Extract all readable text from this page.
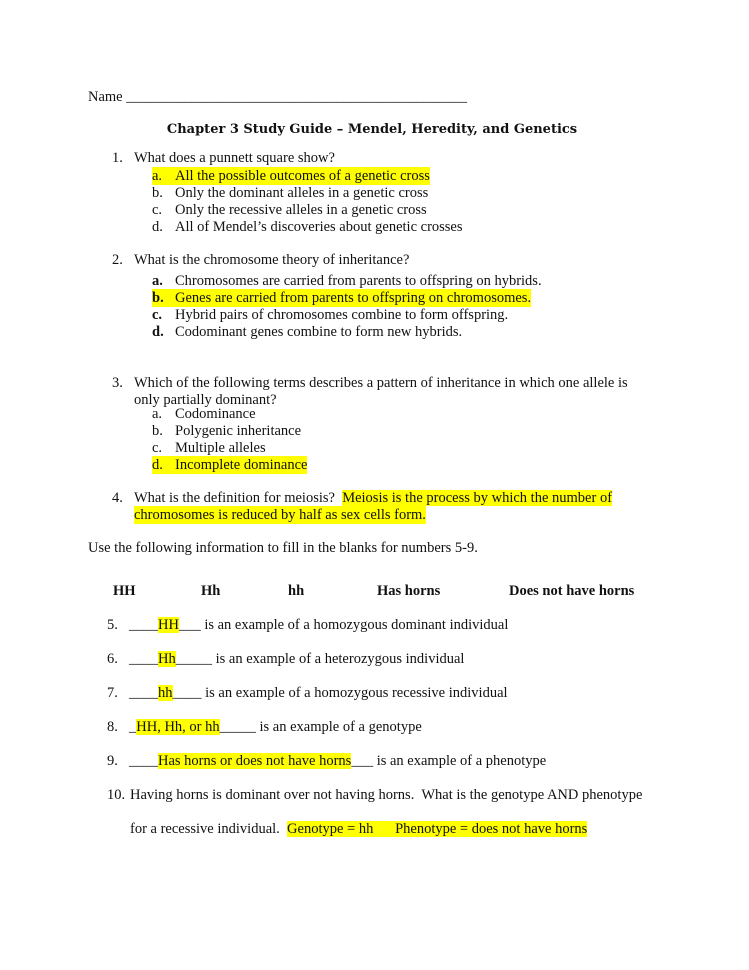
Name _______________________________________________
Chapter 3 Study Guide – Mendel, Heredity, and Genetics
1. What does a punnett square show?
a. All the possible outcomes of a genetic cross
b. Only the dominant alleles in a genetic cross
c. Only the recessive alleles in a genetic cross
d. All of Mendel’s discoveries about genetic crosses
2. What is the chromosome theory of inheritance?
a. Chromosomes are carried from parents to offspring on hybrids.
b. Genes are carried from parents to offspring on chromosomes.
c. Hybrid pairs of chromosomes combine to form offspring.
d. Codominant genes combine to form new hybrids.
3. Which of the following terms describes a pattern of inheritance in which one allele is
only partially dominant?
a. Codominance
b. Polygenic inheritance
c. Multiple alleles
d. Incomplete dominance
4. What is the definition for meiosis? Meiosis is the process by which the number of
chromosomes is reduced by half as sex cells form.
Use the following information to fill in the blanks for numbers 5-9.
HH	Hh	hh	Has horns	Does not have horns
5. ____HH___ is an example of a homozygous dominant individual
6. ____Hh_____ is an example of a heterozygous individual
7. ____hh____ is an example of a homozygous recessive individual
8. _HH, Hh, or hh_____ is an example of a genotype
9. ____Has horns or does not have horns___ is an example of a phenotype
10. Having horns is dominant over not having horns.  What is the genotype AND phenotype
for a recessive individual. Genotype = hh      Phenotype = does not have horns
